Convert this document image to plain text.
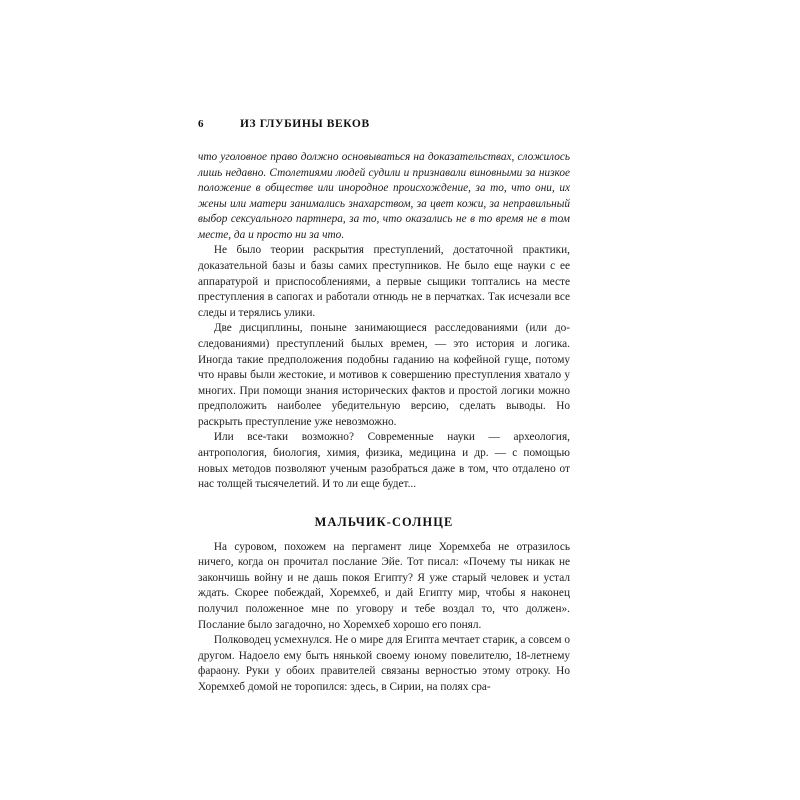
6	ИЗ ГЛУБИНЫ ВЕКОВ

что уголовное право должно основываться на доказательствах, сложилось лишь недавно. Столетиями людей судили и признавали виновными за низкое положение в обществе или инородное происхождение, за то, что они, их жены или матери занимались знахарством, за цвет кожи, за неправильный выбор сексуального партнера, за то, что оказались не в то время не в том месте, да и просто ни за что.

Не было теории раскрытия преступлений, достаточной практики, доказательной базы и базы самих преступников. Не было еще науки с ее аппаратурой и приспособлениями, а первые сыщики топтались на месте преступления в сапогах и работали отнюдь не в перчатках. Так исчезали все следы и терялись улики.

Две дисциплины, поныне занимающиеся расследованиями (или до-следованиями) преступлений былых времен, — это история и логика. Иногда такие предположения подобны гаданию на кофейной гуще, потому что нравы были жестокие, и мотивов к совершению преступления хватало у многих. При помощи знания исторических фактов и простой логики можно предположить наиболее убедительную версию, сделать выводы. Но раскрыть преступление уже невозможно.

Или все-таки возможно? Современные науки — археология, антропология, биология, химия, физика, медицина и др. — с помощью новых методов позволяют ученым разобраться даже в том, что отдалено от нас толщей тысячелетий. И то ли еще будет...

МАЛЬЧИК-СОЛНЦЕ

На суровом, похожем на пергамент лице Хоремхеба не отразилось ничего, когда он прочитал послание Эйе. Тот писал: «Почему ты никак не закончишь войну и не дашь покоя Египту? Я уже старый человек и устал ждать. Скорее побеждай, Хоремхеб, и дай Египту мир, чтобы я наконец получил положенное мне по уговору и тебе воздал то, что должен». Послание было загадочно, но Хоремхеб хорошо его понял.

Полководец усмехнулся. Не о мире для Египта мечтает старик, а совсем о другом. Надоело ему быть нянькой своему юному повелителю, 18-летнему фараону. Руки у обоих правителей связаны верностью этому отроку. Но Хоремхеб домой не торопился: здесь, в Сирии, на полях сра-
